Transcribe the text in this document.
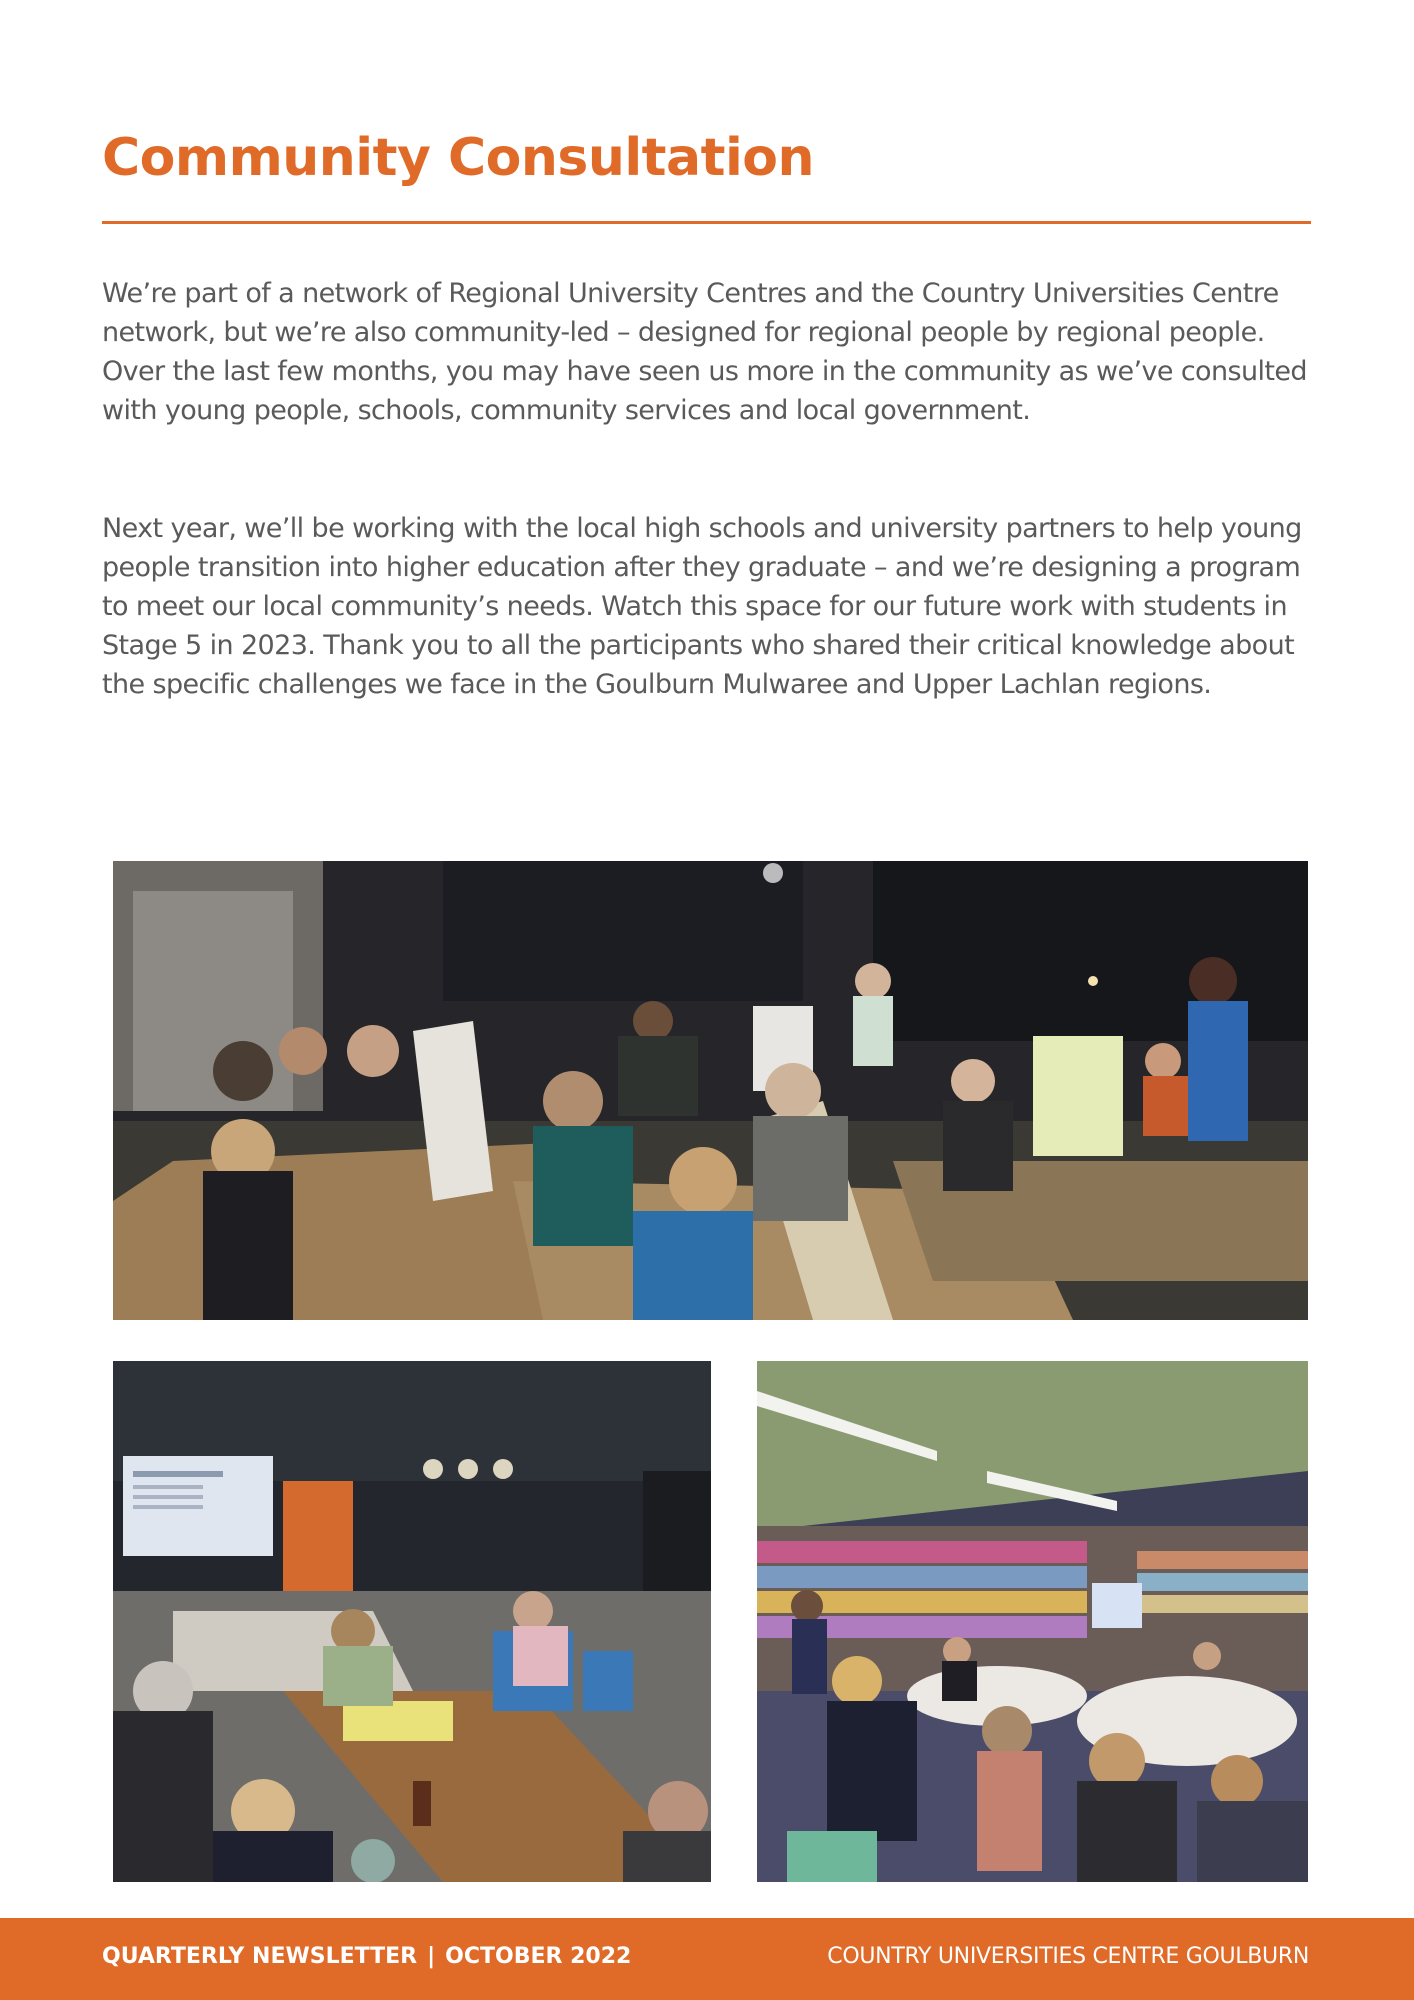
Community Consultation

We’re part of a network of Regional University Centres and the Country Universities Centre network, but we’re also community-led – designed for regional people by regional people. Over the last few months, you may have seen us more in the community as we’ve consulted with young people, schools, community services and local government.

Next year, we’ll be working with the local high schools and university partners to help young people transition into higher education after they graduate – and we’re designing a program to meet our local community’s needs. Watch this space for our future work with students in Stage 5 in 2023. Thank you to all the participants who shared their critical knowledge about the specific challenges we face in the Goulburn Mulwaree and Upper Lachlan regions.

QUARTERLY NEWSLETTER | OCTOBER 2022	COUNTRY UNIVERSITIES CENTRE GOULBURN
